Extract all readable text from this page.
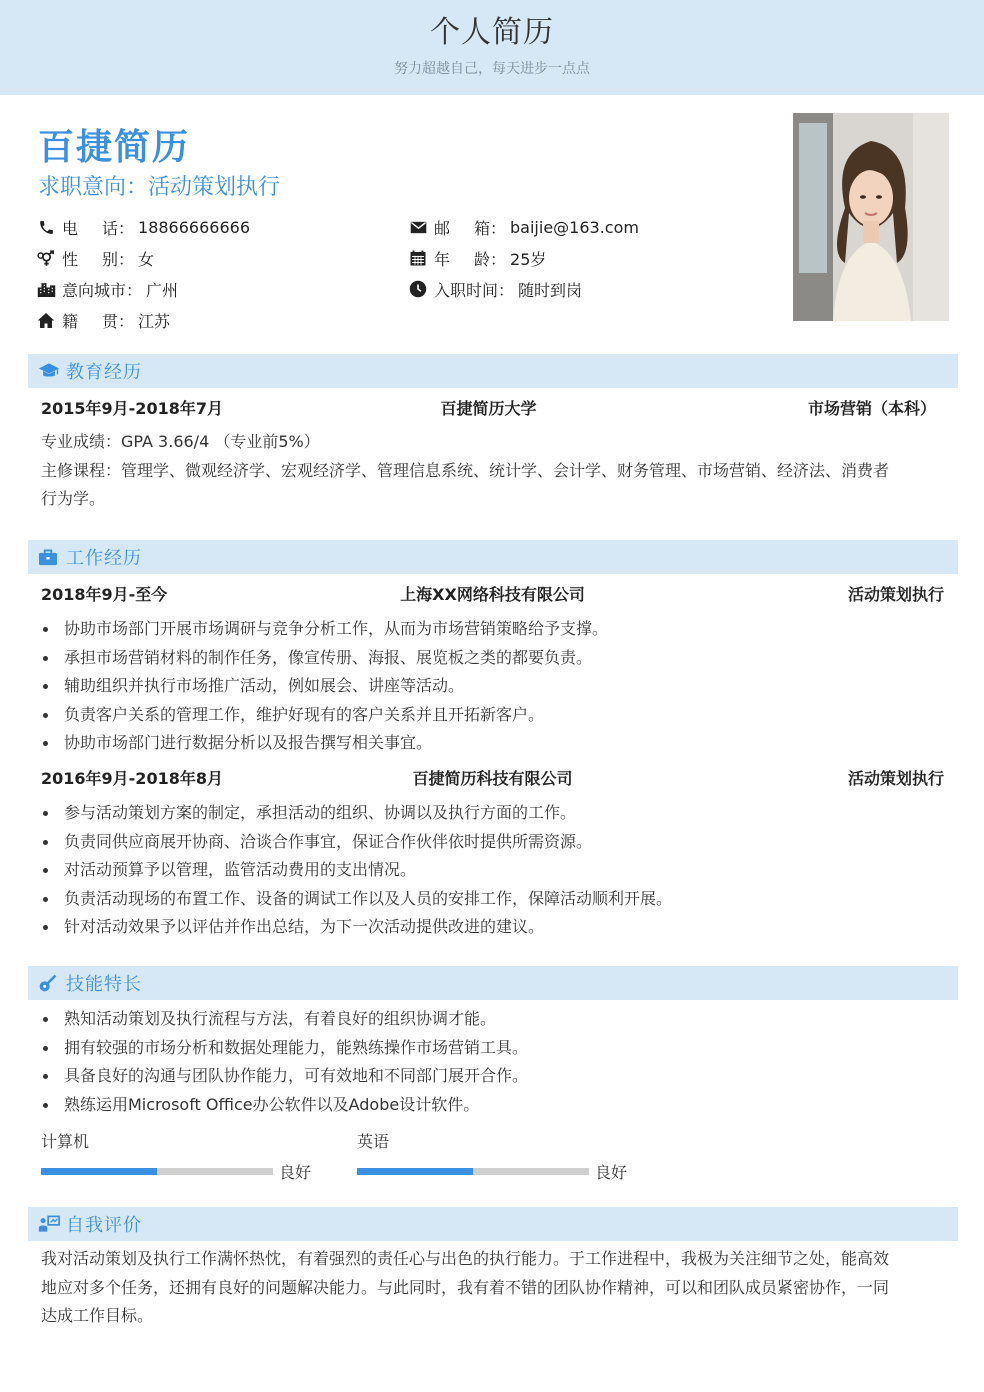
个人简历
努力超越自己，每天进步一点点
百捷简历
求职意向：活动策划执行
电 话 ： 18866666666	邮 箱 ： baijie@163.com
性 别 ： 女	年 龄 ： 25岁
意向城市 ： 广州	入职时间 ： 随时到岗
籍 贯 ： 江苏
教育经历
2015年9月-2018年7月	百捷简历大学	市场营销（本科）
专业成绩：GPA 3.66/4 （专业前5%）
主修课程：管理学、微观经济学、宏观经济学、管理信息系统、统计学、会计学、财务管理、市场营销、经济法、消费者
行为学。
工作经历
2018年9月-至今	上海XX网络科技有限公司	活动策划执行
协助市场部门开展市场调研与竞争分析工作，从而为市场营销策略给予支撑。
承担市场营销材料的制作任务，像宣传册、海报、展览板之类的都要负责。
辅助组织并执行市场推广活动，例如展会、讲座等活动。
负责客户关系的管理工作，维护好现有的客户关系并且开拓新客户。
协助市场部门进行数据分析以及报告撰写相关事宜。
2016年9月-2018年8月	百捷简历科技有限公司	活动策划执行
参与活动策划方案的制定，承担活动的组织、协调以及执行方面的工作。
负责同供应商展开协商、洽谈合作事宜，保证合作伙伴依时提供所需资源。
对活动预算予以管理，监管活动费用的支出情况。
负责活动现场的布置工作、设备的调试工作以及人员的安排工作，保障活动顺利开展。
针对活动效果予以评估并作出总结，为下一次活动提供改进的建议。
技能特长
熟知活动策划及执行流程与方法，有着良好的组织协调才能。
拥有较强的市场分析和数据处理能力，能熟练操作市场营销工具。
具备良好的沟通与团队协作能力，可有效地和不同部门展开合作。
熟练运用Microsoft Office办公软件以及Adobe设计软件。
计算机
良好
英语
良好
自我评价
我对活动策划及执行工作满怀热忱，有着强烈的责任心与出色的执行能力。于工作进程中，我极为关注细节之处，能高效
地应对多个任务，还拥有良好的问题解决能力。与此同时，我有着不错的团队协作精神，可以和团队成员紧密协作，一同
达成工作目标。
